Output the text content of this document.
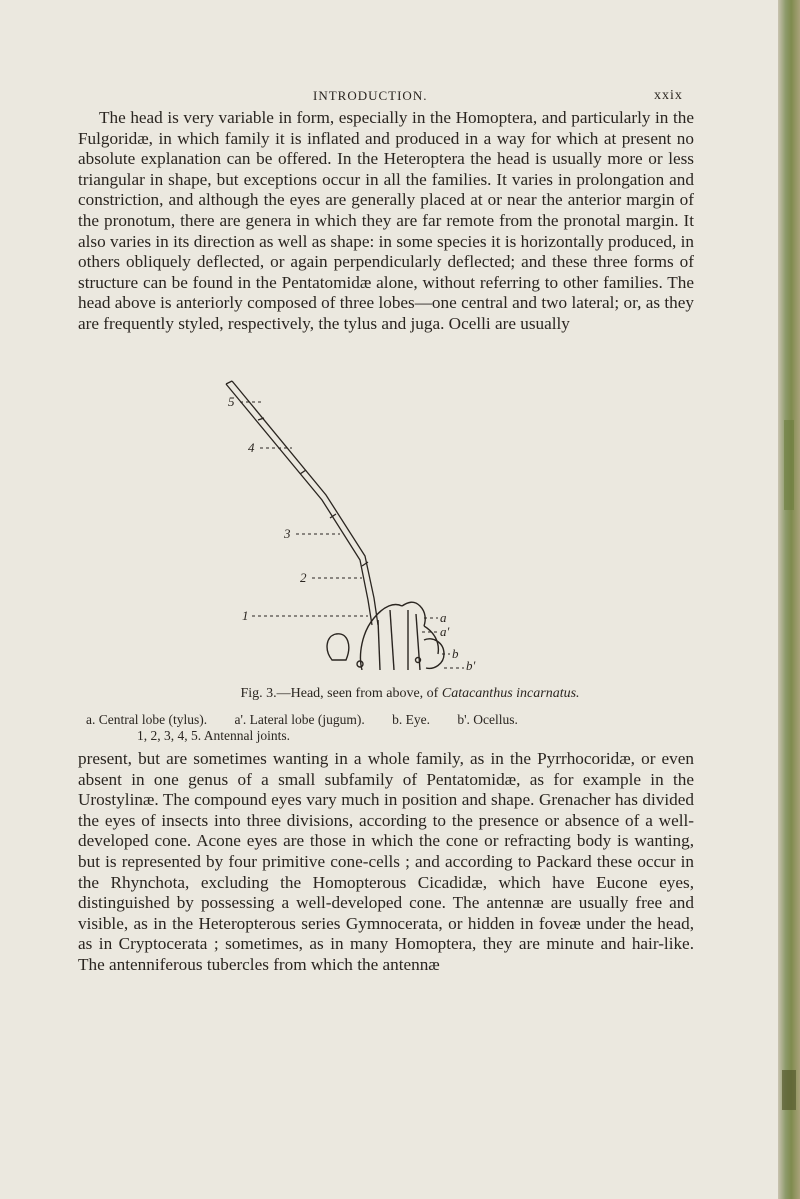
INTRODUCTION.	xxix

The head is very variable in form, especially in the Homoptera, and particularly in the Fulgoridæ, in which family it is inflated and produced in a way for which at present no absolute explanation can be offered. In the Heteroptera the head is usually more or less triangular in shape, but exceptions occur in all the families. It varies in prolongation and constriction, and although the eyes are generally placed at or near the anterior margin of the pronotum, there are genera in which they are far remote from the pronotal margin. It also varies in its direction as well as shape: in some species it is horizontally produced, in others obliquely deflected, or again perpendicularly deflected; and these three forms of structure can be found in the Pentatomidæ alone, without referring to other families. The head above is anteriorly composed of three lobes—one central and two lateral; or, as they are frequently styled, respectively, the tylus and juga. Ocelli are usually

5
4
3
2
1	a
a'
b
b'
Fig. 3.—Head, seen from above, of Catacanthus incarnatus.
a. Central lobe (tylus). a'. Lateral lobe (jugum). b. Eye. b'. Ocellus.
1, 2, 3, 4, 5. Antennal joints.

present, but are sometimes wanting in a whole family, as in the Pyrrhocoridæ, or even absent in one genus of a small subfamily of Pentatomidæ, as for example in the Urostylinæ. The compound eyes vary much in position and shape. Grenacher has divided the eyes of insects into three divisions, according to the presence or absence of a well-developed cone. Acone eyes are those in which the cone or refracting body is wanting, but is represented by four primitive cone-cells ; and according to Packard these occur in the Rhynchota, excluding the Homopterous Cicadidæ, which have Eucone eyes, distinguished by possessing a well-developed cone. The antennæ are usually free and visible, as in the Heteropterous series Gymnocerata, or hidden in foveæ under the head, as in Cryptocerata ; sometimes, as in many Homoptera, they are minute and hair-like. The antenniferous tubercles from which the antennæ
